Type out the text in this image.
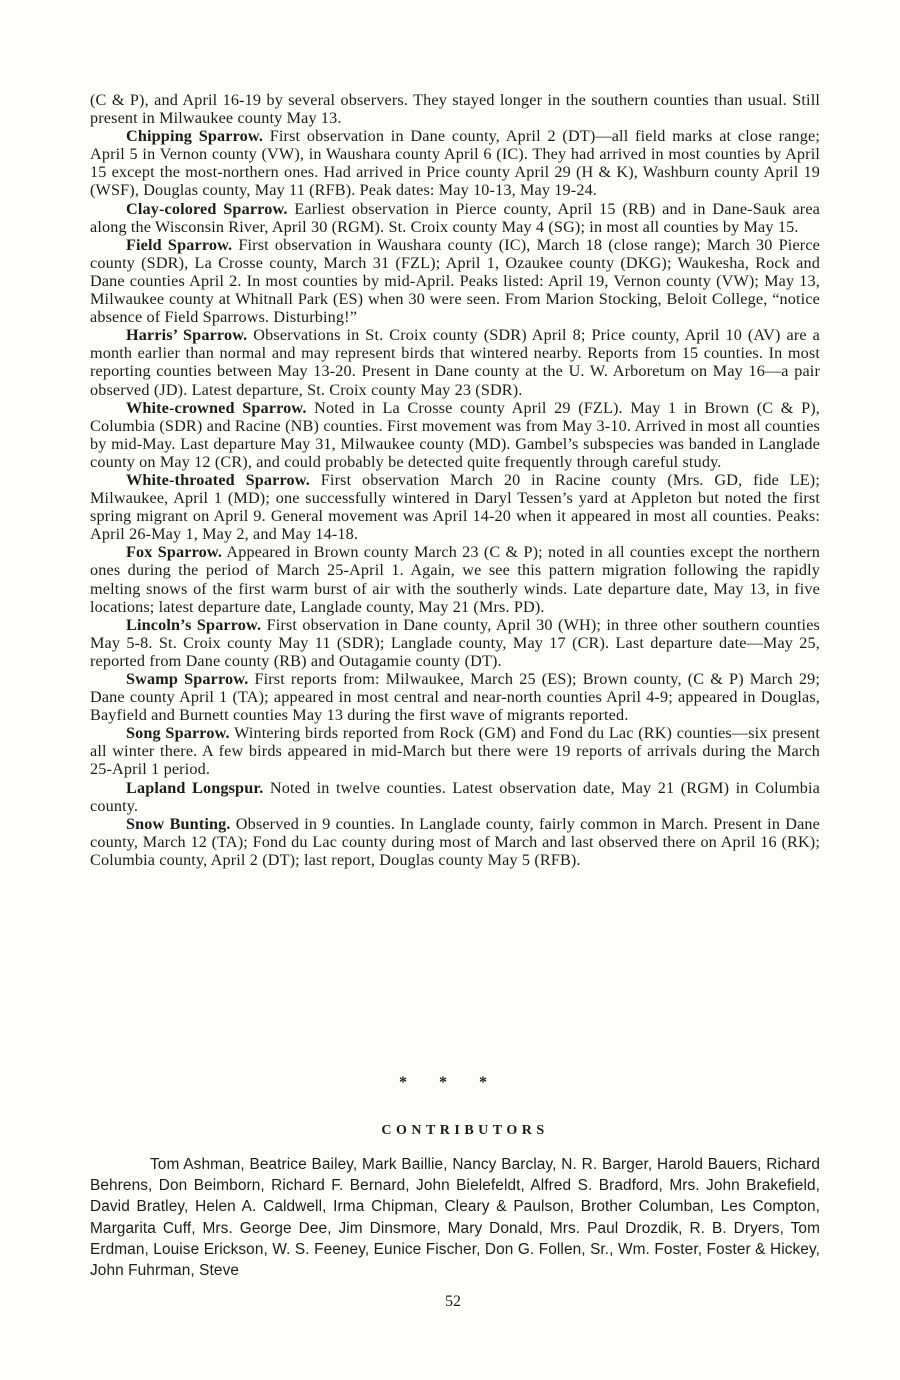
(C & P), and April 16-19 by several observers. They stayed longer in the southern counties than usual. Still present in Milwaukee county May 13.

Chipping Sparrow. First observation in Dane county, April 2 (DT)—all field marks at close range; April 5 in Vernon county (VW), in Waushara county April 6 (IC). They had arrived in most counties by April 15 except the most-northern ones. Had arrived in Price county April 29 (H & K), Washburn county April 19 (WSF), Douglas county, May 11 (RFB). Peak dates: May 10-13, May 19-24.

Clay-colored Sparrow. Earliest observation in Pierce county, April 15 (RB) and in Dane-Sauk area along the Wisconsin River, April 30 (RGM). St. Croix county May 4 (SG); in most all counties by May 15.

Field Sparrow. First observation in Waushara county (IC), March 18 (close range); March 30 Pierce county (SDR), La Crosse county, March 31 (FZL); April 1, Ozaukee county (DKG); Waukesha, Rock and Dane counties April 2. In most counties by mid-April. Peaks listed: April 19, Vernon county (VW); May 13, Milwaukee county at Whitnall Park (ES) when 30 were seen. From Marion Stocking, Beloit College, “notice absence of Field Sparrows. Disturbing!”

Harris’ Sparrow. Observations in St. Croix county (SDR) April 8; Price county, April 10 (AV) are a month earlier than normal and may represent birds that wintered nearby. Reports from 15 counties. In most reporting counties between May 13-20. Present in Dane county at the U. W. Arboretum on May 16—a pair observed (JD). Latest departure, St. Croix county May 23 (SDR).

White-crowned Sparrow. Noted in La Crosse county April 29 (FZL). May 1 in Brown (C & P), Columbia (SDR) and Racine (NB) counties. First movement was from May 3-10. Arrived in most all counties by mid-May. Last departure May 31, Milwaukee county (MD). Gambel’s subspecies was banded in Langlade county on May 12 (CR), and could probably be detected quite frequently through careful study.

White-throated Sparrow. First observation March 20 in Racine county (Mrs. GD, fide LE); Milwaukee, April 1 (MD); one successfully wintered in Daryl Tessen’s yard at Appleton but noted the first spring migrant on April 9. General movement was April 14-20 when it appeared in most all counties. Peaks: April 26-May 1, May 2, and May 14-18.

Fox Sparrow. Appeared in Brown county March 23 (C & P); noted in all counties except the northern ones during the period of March 25-April 1. Again, we see this pattern migration following the rapidly melting snows of the first warm burst of air with the southerly winds. Late departure date, May 13, in five locations; latest departure date, Langlade county, May 21 (Mrs. PD).

Lincoln’s Sparrow. First observation in Dane county, April 30 (WH); in three other southern counties May 5-8. St. Croix county May 11 (SDR); Langlade county, May 17 (CR). Last departure date—May 25, reported from Dane county (RB) and Outagamie county (DT).

Swamp Sparrow. First reports from: Milwaukee, March 25 (ES); Brown county, (C & P) March 29; Dane county April 1 (TA); appeared in most central and near-north counties April 4-9; appeared in Douglas, Bayfield and Burnett counties May 13 during the first wave of migrants reported.

Song Sparrow. Wintering birds reported from Rock (GM) and Fond du Lac (RK) counties—six present all winter there. A few birds appeared in mid-March but there were 19 reports of arrivals during the March 25-April 1 period.

Lapland Longspur. Noted in twelve counties. Latest observation date, May 21 (RGM) in Columbia county.

Snow Bunting. Observed in 9 counties. In Langlade county, fairly common in March. Present in Dane county, March 12 (TA); Fond du Lac county during most of March and last observed there on April 16 (RK); Columbia county, April 2 (DT); last report, Douglas county May 5 (RFB).

* * *
CONTRIBUTORS
Tom Ashman, Beatrice Bailey, Mark Baillie, Nancy Barclay, N. R. Barger, Harold Bauers, Richard Behrens, Don Beimborn, Richard F. Bernard, John Bielefeldt, Alfred S. Bradford, Mrs. John Brakefield, David Bratley, Helen A. Caldwell, Irma Chipman, Cleary & Paulson, Brother Columban, Les Compton, Margarita Cuff, Mrs. George Dee, Jim Dinsmore, Mary Donald, Mrs. Paul Drozdik, R. B. Dryers, Tom Erdman, Louise Erickson, W. S. Feeney, Eunice Fischer, Don G. Follen, Sr., Wm. Foster, Foster & Hickey, John Fuhrman, Steve
52
